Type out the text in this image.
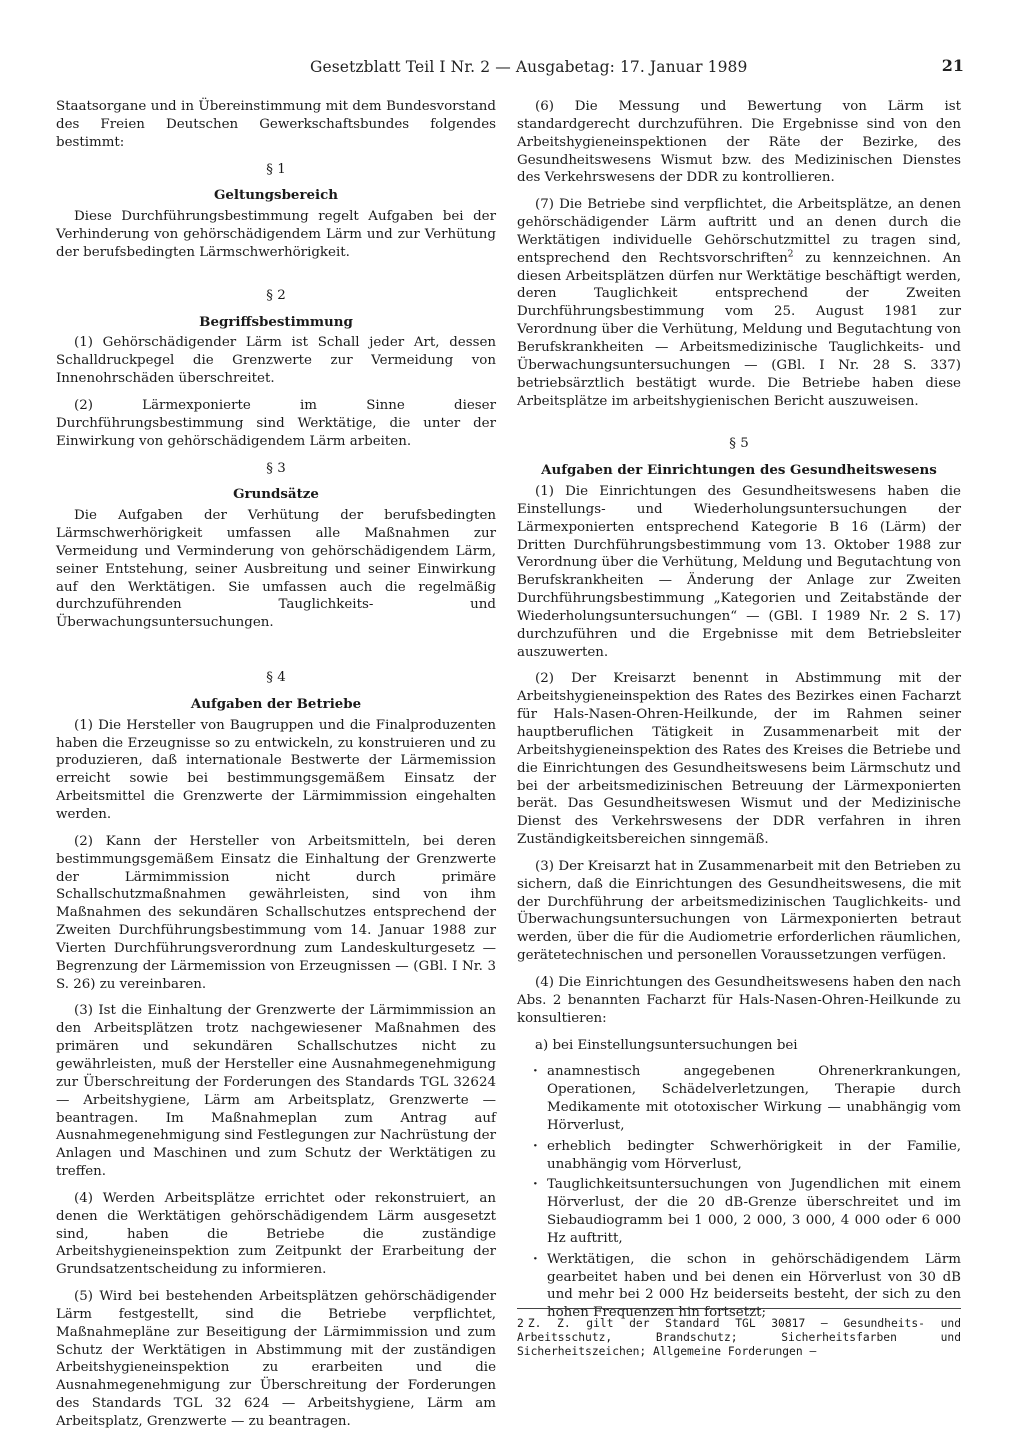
Gesetzblatt Teil I Nr. 2 — Ausgabetag: 17. Januar 1989	21

Staatsorgane und in Übereinstimmung mit dem Bundesvorstand des Freien Deutschen Gewerkschaftsbundes folgendes bestimmt:

§ 1

Geltungsbereich

Diese Durchführungsbestimmung regelt Aufgaben bei der Verhinderung von gehörschädigendem Lärm und zur Verhütung der berufsbedingten Lärmschwerhörigkeit.

§ 2

Begriffsbestimmung

(1) Gehörschädigender Lärm ist Schall jeder Art, dessen Schalldruckpegel die Grenzwerte zur Vermeidung von Innenohrschäden überschreitet.

(2) Lärmexponierte im Sinne dieser Durchführungsbestimmung sind Werktätige, die unter der Einwirkung von gehörschädigendem Lärm arbeiten.

§ 3

Grundsätze

Die Aufgaben der Verhütung der berufsbedingten Lärmschwerhörigkeit umfassen alle Maßnahmen zur Vermeidung und Verminderung von gehörschädigendem Lärm, seiner Entstehung, seiner Ausbreitung und seiner Einwirkung auf den Werktätigen. Sie umfassen auch die regelmäßig durchzuführenden Tauglichkeits- und Überwachungsuntersuchungen.

§ 4

Aufgaben der Betriebe

(1) Die Hersteller von Baugruppen und die Finalproduzenten haben die Erzeugnisse so zu entwickeln, zu konstruieren und zu produzieren, daß internationale Bestwerte der Lärmemission erreicht sowie bei bestimmungsgemäßem Einsatz der Arbeitsmittel die Grenzwerte der Lärmimmission eingehalten werden.

(2) Kann der Hersteller von Arbeitsmitteln, bei deren bestimmungsgemäßem Einsatz die Einhaltung der Grenzwerte der Lärmimmission nicht durch primäre Schallschutzmaßnahmen gewährleisten, sind von ihm Maßnahmen des sekundären Schallschutzes entsprechend der Zweiten Durchführungsbestimmung vom 14. Januar 1988 zur Vierten Durchführungsverordnung zum Landeskulturgesetz — Begrenzung der Lärmemission von Erzeugnissen — (GBl. I Nr. 3 S. 26) zu vereinbaren.

(3) Ist die Einhaltung der Grenzwerte der Lärmimmission an den Arbeitsplätzen trotz nachgewiesener Maßnahmen des primären und sekundären Schallschutzes nicht zu gewährleisten, muß der Hersteller eine Ausnahmegenehmigung zur Überschreitung der Forderungen des Standards TGL 32624 — Arbeitshygiene, Lärm am Arbeitsplatz, Grenzwerte — beantragen. Im Maßnahmeplan zum Antrag auf Ausnahmegenehmigung sind Festlegungen zur Nachrüstung der Anlagen und Maschinen und zum Schutz der Werktätigen zu treffen.

(4) Werden Arbeitsplätze errichtet oder rekonstruiert, an denen die Werktätigen gehörschädigendem Lärm ausgesetzt sind, haben die Betriebe die zuständige Arbeitshygieneinspektion zum Zeitpunkt der Erarbeitung der Grundsatzentscheidung zu informieren.

(5) Wird bei bestehenden Arbeitsplätzen gehörschädigender Lärm festgestellt, sind die Betriebe verpflichtet, Maßnahmepläne zur Beseitigung der Lärmimmission und zum Schutz der Werktätigen in Abstimmung mit der zuständigen Arbeitshygieneinspektion zu erarbeiten und die Ausnahmegenehmigung zur Überschreitung der Forderungen des Standards TGL 32 624 — Arbeitshygiene, Lärm am Arbeitsplatz, Grenzwerte — zu beantragen.

(6) Die Messung und Bewertung von Lärm ist standardgerecht durchzuführen. Die Ergebnisse sind von den Arbeitshygieneinspektionen der Räte der Bezirke, des Gesundheitswesens Wismut bzw. des Medizinischen Dienstes des Verkehrswesens der DDR zu kontrollieren.

(7) Die Betriebe sind verpflichtet, die Arbeitsplätze, an denen gehörschädigender Lärm auftritt und an denen durch die Werktätigen individuelle Gehörschutzmittel zu tragen sind, entsprechend den Rechtsvorschriften$^2$ zu kennzeichnen. An diesen Arbeitsplätzen dürfen nur Werktätige beschäftigt werden, deren Tauglichkeit entsprechend der Zweiten Durchführungsbestimmung vom 25. August 1981 zur Verordnung über die Verhütung, Meldung und Begutachtung von Berufskrankheiten — Arbeitsmedizinische Tauglichkeits- und Überwachungsuntersuchungen — (GBl. I Nr. 28 S. 337) betriebsärztlich bestätigt wurde. Die Betriebe haben diese Arbeitsplätze im arbeitshygienischen Bericht auszuweisen.

§ 5

Aufgaben der Einrichtungen des Gesundheitswesens

(1) Die Einrichtungen des Gesundheitswesens haben die Einstellungs- und Wiederholungsuntersuchungen der Lärmexponierten entsprechend Kategorie B 16 (Lärm) der Dritten Durchführungsbestimmung vom 13. Oktober 1988 zur Verordnung über die Verhütung, Meldung und Begutachtung von Berufskrankheiten — Änderung der Anlage zur Zweiten Durchführungsbestimmung „Kategorien und Zeitabstände der Wiederholungsuntersuchungen“ — (GBl. I 1989 Nr. 2 S. 17) durchzuführen und die Ergebnisse mit dem Betriebsleiter auszuwerten.

(2) Der Kreisarzt benennt in Abstimmung mit der Arbeitshygieneinspektion des Rates des Bezirkes einen Facharzt für Hals-Nasen-Ohren-Heilkunde, der im Rahmen seiner hauptberuflichen Tätigkeit in Zusammenarbeit mit der Arbeitshygieneinspektion des Rates des Kreises die Betriebe und die Einrichtungen des Gesundheitswesens beim Lärmschutz und bei der arbeitsmedizinischen Betreuung der Lärmexponierten berät. Das Gesundheitswesen Wismut und der Medizinische Dienst des Verkehrswesens der DDR verfahren in ihren Zuständigkeitsbereichen sinngemäß.

(3) Der Kreisarzt hat in Zusammenarbeit mit den Betrieben zu sichern, daß die Einrichtungen des Gesundheitswesens, die mit der Durchführung der arbeitsmedizinischen Tauglichkeits- und Überwachungsuntersuchungen von Lärmexponierten betraut werden, über die für die Audiometrie erforderlichen räumlichen, gerätetechnischen und personellen Voraussetzungen verfügen.

(4) Die Einrichtungen des Gesundheitswesens haben den nach Abs. 2 benannten Facharzt für Hals-Nasen-Ohren-Heilkunde zu konsultieren:

a) bei Einstellungsuntersuchungen bei

· anamnestisch angegebenen Ohrenerkrankungen, Operationen, Schädelverletzungen, Therapie durch Medikamente mit ototoxischer Wirkung — unabhängig vom Hörverlust,
· erheblich bedingter Schwerhörigkeit in der Familie, unabhängig vom Hörverlust,
· Tauglichkeitsuntersuchungen von Jugendlichen mit einem Hörverlust, der die 20 dB-Grenze überschreitet und im Siebaudiogramm bei 1 000, 2 000, 3 000, 4 000 oder 6 000 Hz auftritt,
· Werktätigen, die schon in gehörschädigendem Lärm gearbeitet haben und bei denen ein Hörverlust von 30 dB und mehr bei 2 000 Hz beiderseits besteht, der sich zu den hohen Frequenzen hin fortsetzt;
2 Z. Z. gilt der Standard TGL 30817 — Gesundheits- und Arbeitsschutz, Brandschutz; Sicherheitsfarben und Sicherheitszeichen; Allgemeine Forderungen —
